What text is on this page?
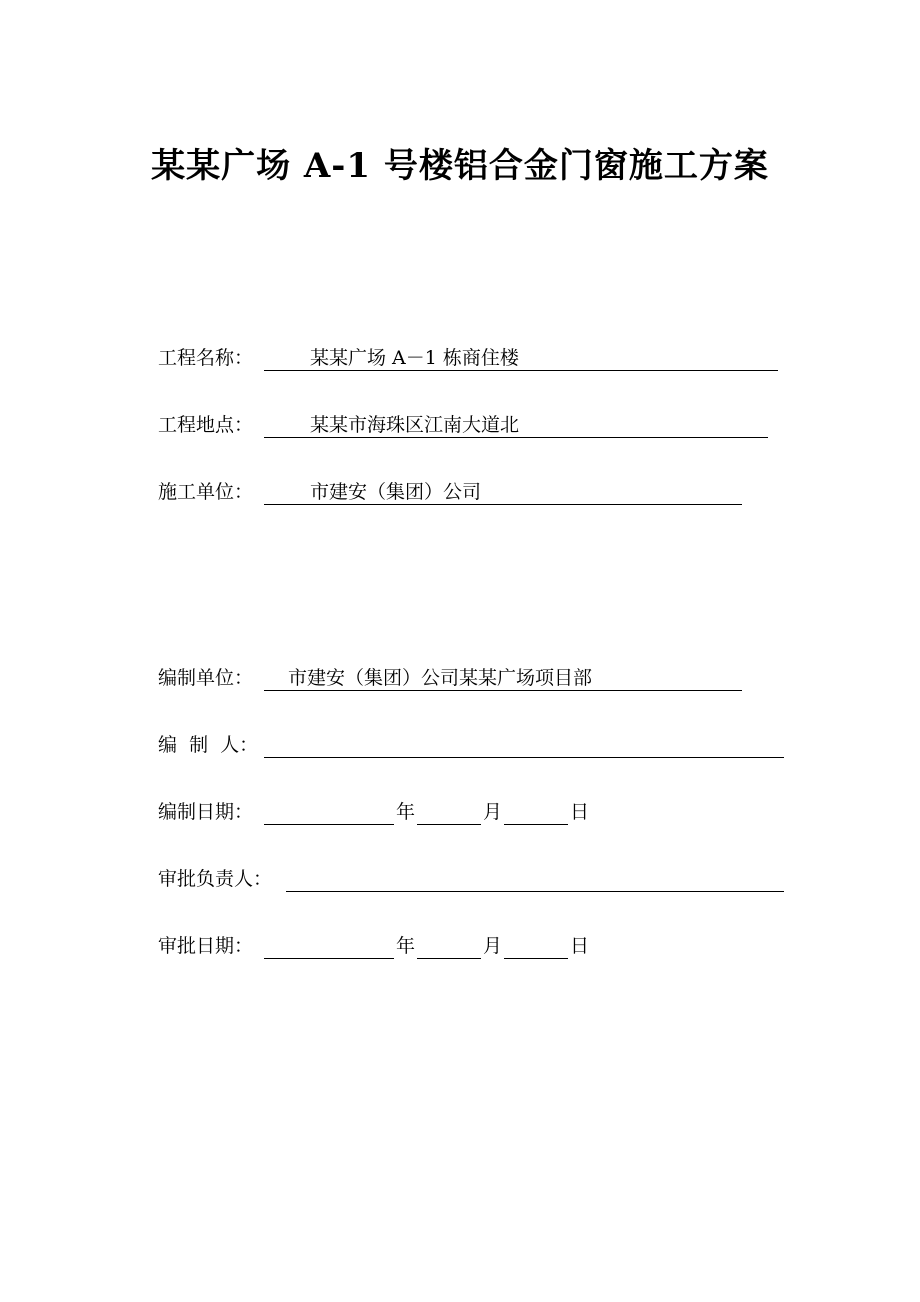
某某广场 A-1 号楼铝合金门窗施工方案
工程名称：	某某广场 A－1 栋商住楼
工程地点：	某某市海珠区江南大道北
施工单位：	市建安（集团）公司
编制单位： 市建安（集团）公司某某广场项目部
编  制  人：
编制日期：	年	月	日
审批负责人：
审批日期：	年	月	日
